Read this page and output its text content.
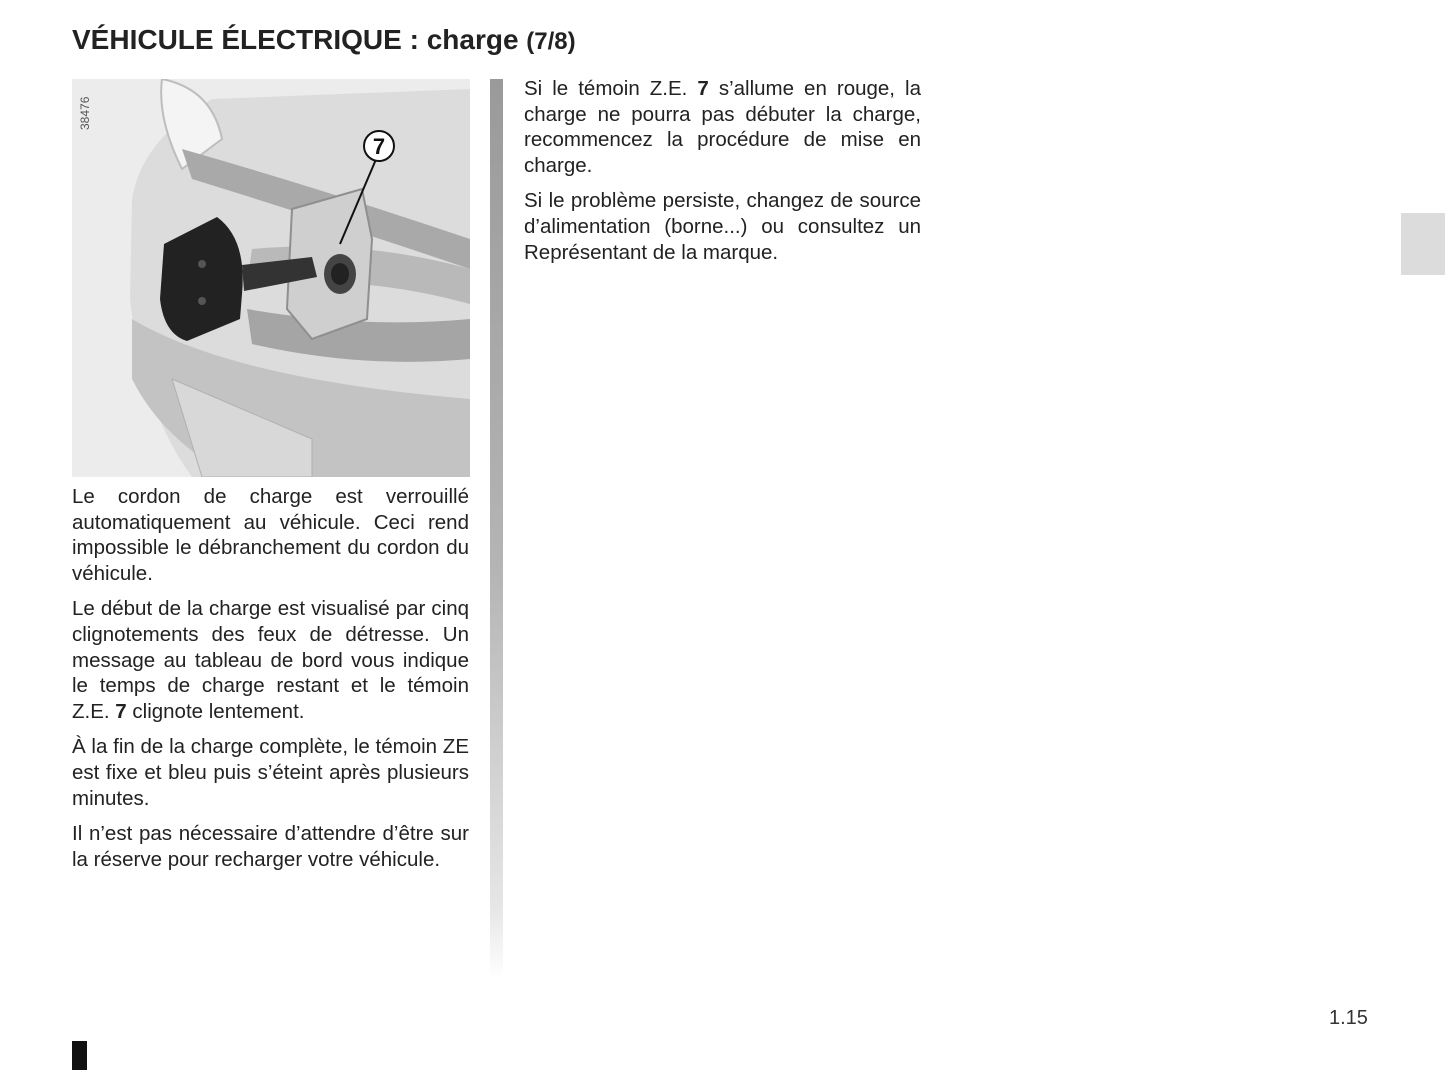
VÉHICULE ÉLECTRIQUE : charge (7/8)
7
38476

Le cordon de charge est verrouillé automatiquement au véhicule. Ceci rend impossible le débranchement du cordon du véhicule.

Le début de la charge est visualisé par cinq clignotements des feux de détresse. Un message au tableau de bord vous indique le temps de charge restant et le témoin Z.E. 7 clignote lentement.

À la fin de la charge complète, le témoin ZE est fixe et bleu puis s’éteint après plusieurs minutes.

Il n’est pas nécessaire d’attendre d’être sur la réserve pour recharger votre véhicule.

Si le témoin Z.E. 7 s’allume en rouge, la charge ne pourra pas débuter la charge, recommencez la procédure de mise en charge.

Si le problème persiste, changez de source d’alimentation (borne...) ou consultez un Représentant de la marque.

1.15
